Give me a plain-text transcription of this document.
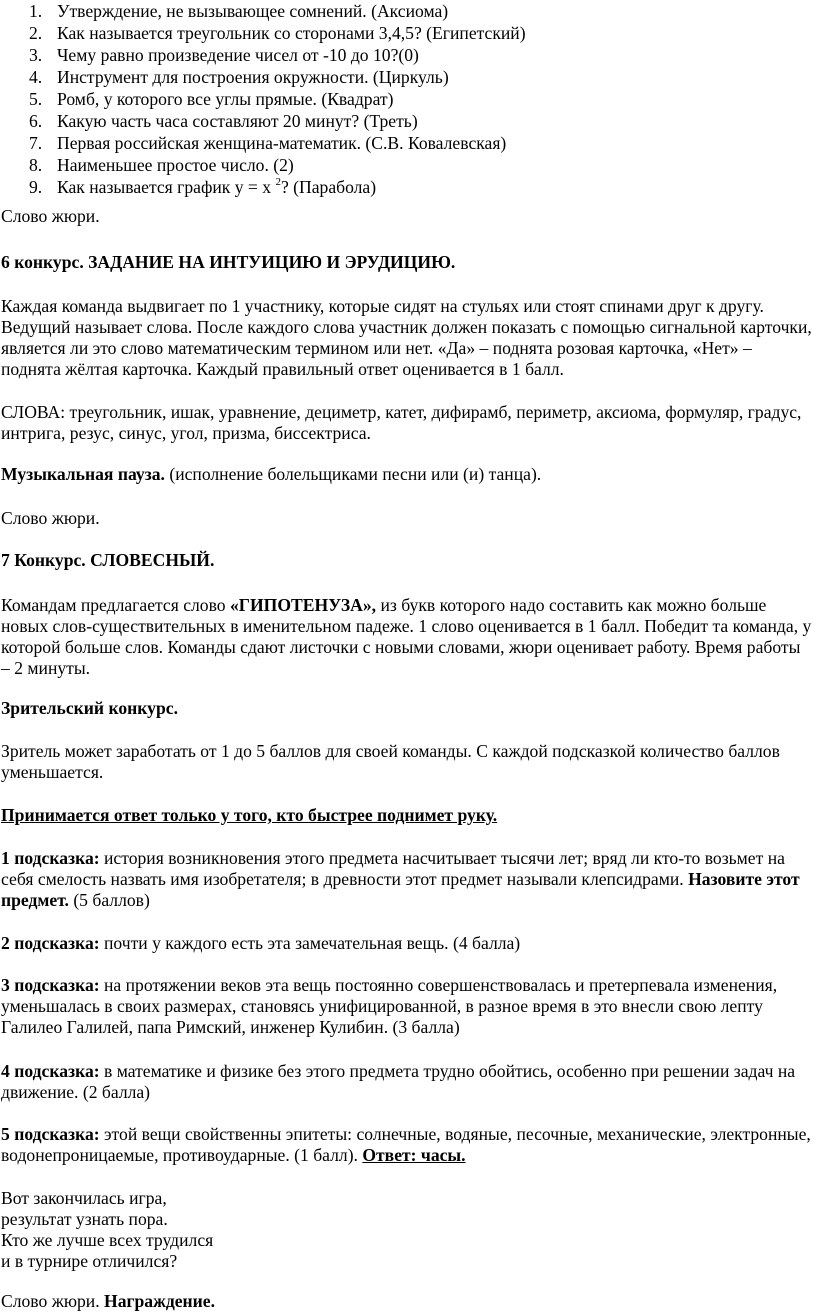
1. Утверждение, не вызывающее сомнений. (Аксиома)
2. Как называется треугольник со сторонами 3,4,5? (Египетский)
3. Чему равно произведение чисел от -10 до 10?(0)
4. Инструмент для построения окружности. (Циркуль)
5. Ромб, у которого все углы прямые. (Квадрат)
6. Какую часть часа составляют 20 минут? (Треть)
7. Первая российская женщина-математик. (С.В. Ковалевская)
8. Наименьшее простое число. (2)
9. Как называется график y = x $^2$? (Парабола)

Слово жюри.

6 конкурс. ЗАДАНИЕ НА ИНТУИЦИЮ И ЭРУДИЦИЮ.

Каждая команда выдвигает по 1 участнику, которые сидят на стульях или стоят спинами друг к другу. Ведущий называет слова. После каждого слова участник должен показать с помощью сигнальной карточки, является ли это слово математическим термином или нет. «Да» – поднята розовая карточка, «Нет» – поднята жёлтая карточка. Каждый правильный ответ оценивается в 1 балл.

СЛОВА: треугольник, ишак, уравнение, дециметр, катет, дифирамб, периметр, аксиома, формуляр, градус, интрига, резус, синус, угол, призма, биссектриса.

Музыкальная пауза. (исполнение болельщиками песни или (и) танца).

Слово жюри.

7 Конкурс. СЛОВЕСНЫЙ.

Командам предлагается слово «ГИПОТЕНУЗА», из букв которого надо составить как можно больше новых слов-существительных в именительном падеже. 1 слово оценивается в 1 балл. Победит та команда, у которой больше слов. Команды сдают листочки с новыми словами, жюри оценивает работу. Время работы – 2 минуты.

Зрительский конкурс.

Зритель может заработать от 1 до 5 баллов для своей команды. С каждой подсказкой количество баллов уменьшается.

Принимается ответ только у того, кто быстрее поднимет руку.

1 подсказка: история возникновения этого предмета насчитывает тысячи лет; вряд ли кто-то возьмет на себя смелость назвать имя изобретателя; в древности этот предмет называли клепсидрами. Назовите этот предмет. (5 баллов)

2 подсказка: почти у каждого есть эта замечательная вещь. (4 балла)

3 подсказка: на протяжении веков эта вещь постоянно совершенствовалась и претерпевала изменения, уменьшалась в своих размерах, становясь унифицированной, в разное время в это внесли свою лепту Галилео Галилей, папа Римский, инженер Кулибин. (3 балла)

4 подсказка: в математике и физике без этого предмета трудно обойтись, особенно при решении задач на движение. (2 балла)

5 подсказка: этой вещи свойственны эпитеты: солнечные, водяные, песочные, механические, электронные, водонепроницаемые, противоударные. (1 балл). Ответ: часы.

Вот закончилась игра,
результат узнать пора.
Кто же лучше всех трудился
и в турнире отличился?

Слово жюри. Награждение.
